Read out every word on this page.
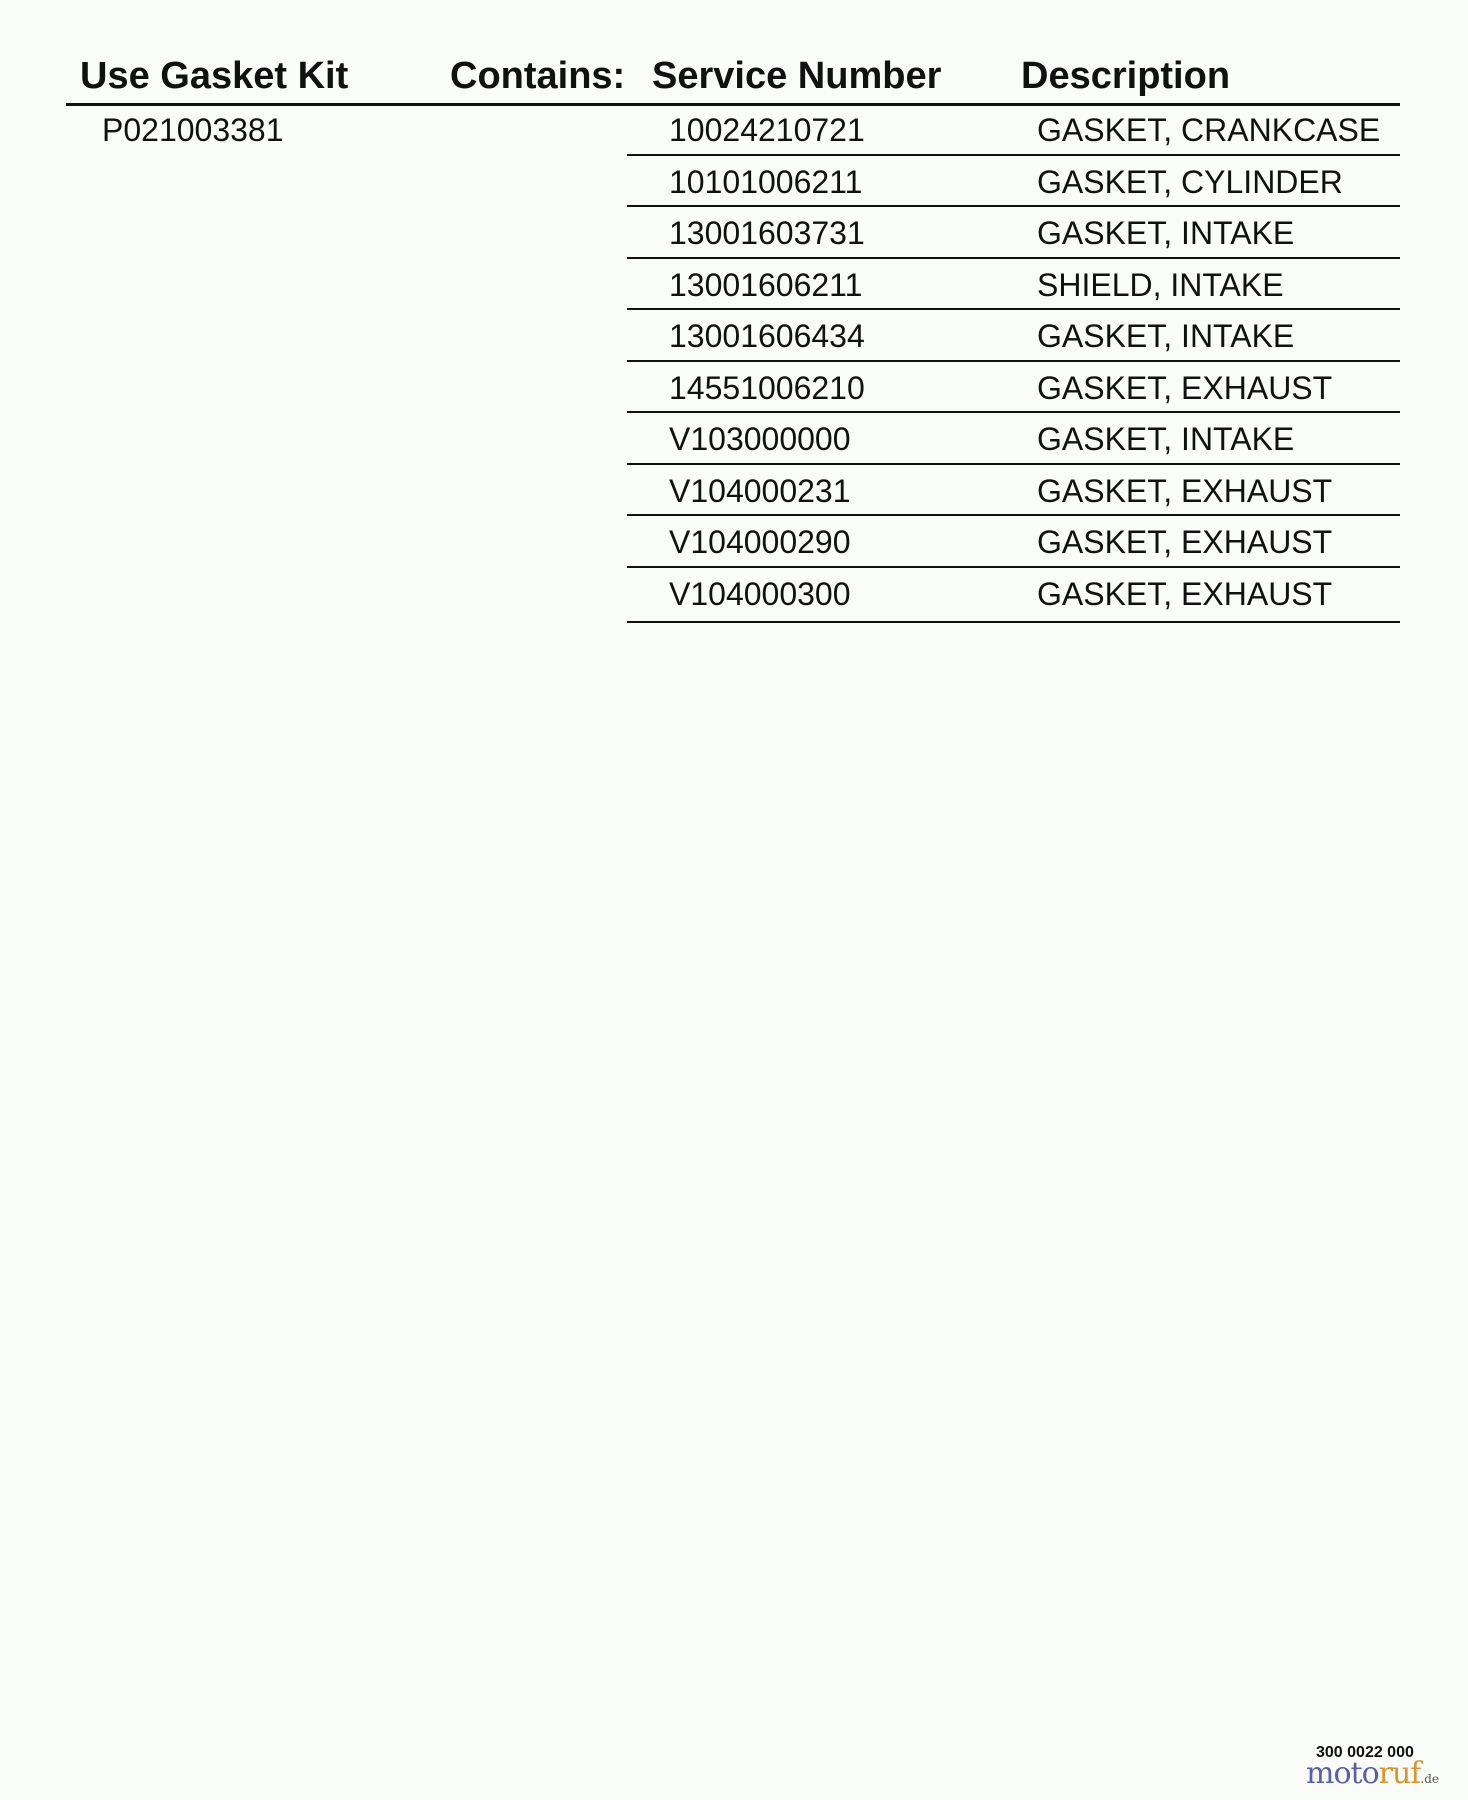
Use Gasket Kit	Contains: Service Number Description
P021003381	10024210721	GASKET, CRANKCASE
10101006211	GASKET, CYLINDER
13001603731	GASKET, INTAKE
13001606211	SHIELD, INTAKE
13001606434	GASKET, INTAKE
14551006210	GASKET, EXHAUST
V103000000	GASKET, INTAKE
V104000231	GASKET, EXHAUST
V104000290	GASKET, EXHAUST
V104000300	GASKET, EXHAUST
300 0022 000
motoruf.de
